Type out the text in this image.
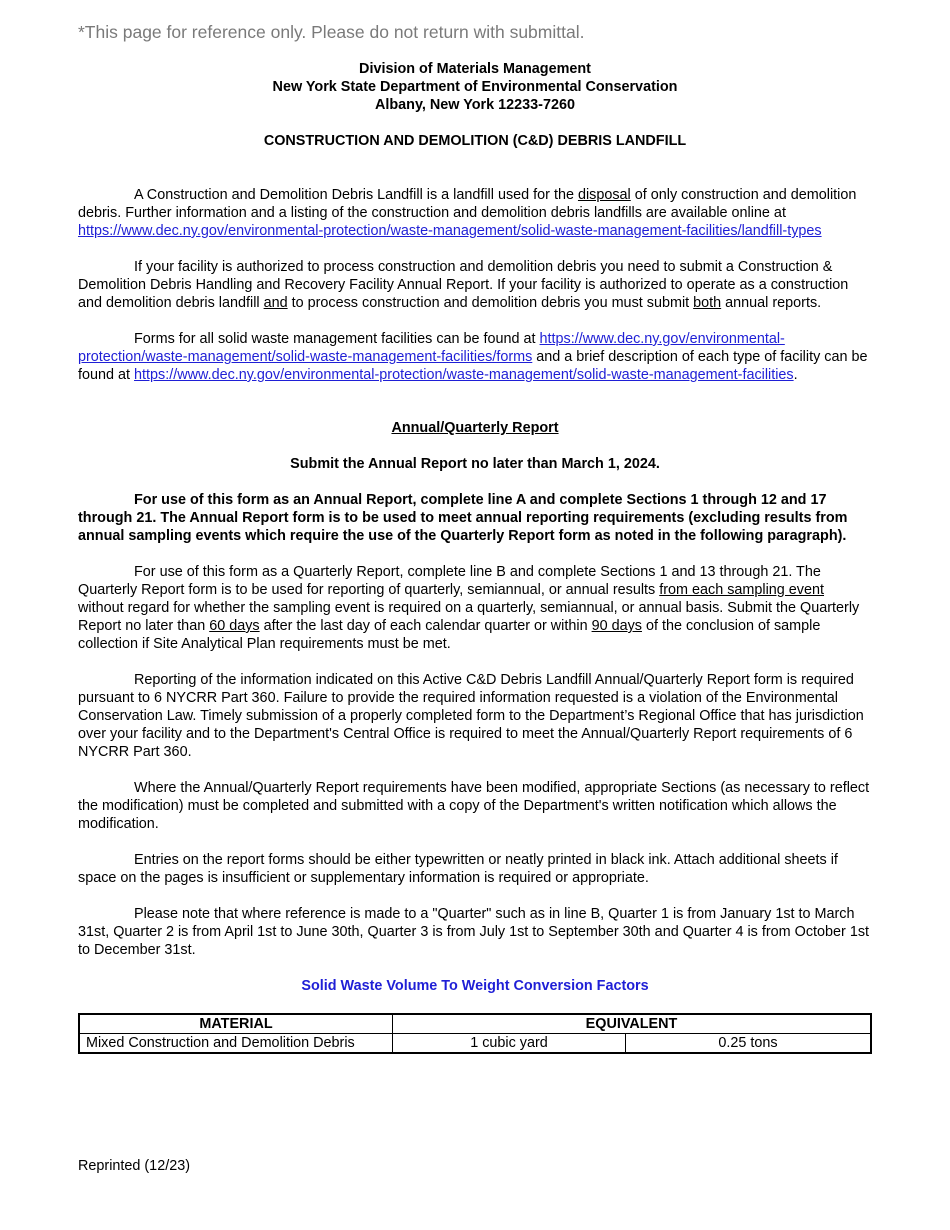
*This page for reference only. Please do not return with submittal.

Division of Materials Management

New York State Department of Environmental Conservation

Albany, New York 12233-7260

CONSTRUCTION AND DEMOLITION (C&D) DEBRIS LANDFILL

A Construction and Demolition Debris Landfill is a landfill used for the disposal of only construction and demolition debris. Further information and a listing of the construction and demolition debris landfills are available online at https://www.dec.ny.gov/environmental-protection/waste-management/solid-waste-management-facilities/landfill-types

If your facility is authorized to process construction and demolition debris you need to submit a Construction & Demolition Debris Handling and Recovery Facility Annual Report. If your facility is authorized to operate as a construction and demolition debris landfill and to process construction and demolition debris you must submit both annual reports.

Forms for all solid waste management facilities can be found at https://www.dec.ny.gov/environmental-protection/waste-management/solid-waste-management-facilities/forms and a brief description of each type of facility can be found at https://www.dec.ny.gov/environmental-protection/waste-management/solid-waste-management-facilities.

Annual/Quarterly Report

Submit the Annual Report no later than March 1, 2024.

For use of this form as an Annual Report, complete line A and complete Sections 1 through 12 and 17 through 21. The Annual Report form is to be used to meet annual reporting requirements (excluding results from annual sampling events which require the use of the Quarterly Report form as noted in the following paragraph).

For use of this form as a Quarterly Report, complete line B and complete Sections 1 and 13 through 21. The Quarterly Report form is to be used for reporting of quarterly, semiannual, or annual results from each sampling event without regard for whether the sampling event is required on a quarterly, semiannual, or annual basis. Submit the Quarterly Report no later than 60 days after the last day of each calendar quarter or within 90 days of the conclusion of sample collection if Site Analytical Plan requirements must be met.

Reporting of the information indicated on this Active C&D Debris Landfill Annual/Quarterly Report form is required pursuant to 6 NYCRR Part 360. Failure to provide the required information requested is a violation of the Environmental Conservation Law. Timely submission of a properly completed form to the Department’s Regional Office that has jurisdiction over your facility and to the Department's Central Office is required to meet the Annual/Quarterly Report requirements of 6 NYCRR Part 360.

Where the Annual/Quarterly Report requirements have been modified, appropriate Sections (as necessary to reflect the modification) must be completed and submitted with a copy of the Department's written notification which allows the modification.

Entries on the report forms should be either typewritten or neatly printed in black ink. Attach additional sheets if space on the pages is insufficient or supplementary information is required or appropriate.

Please note that where reference is made to a "Quarter" such as in line B, Quarter 1 is from January 1st to March 31st, Quarter 2 is from April 1st to June 30th, Quarter 3 is from July 1st to September 30th and Quarter 4 is from October 1st to December 31st.

Solid Waste Volume To Weight Conversion Factors

MATERIAL	EQUIVALENT	
Mixed Construction and Demolition Debris	1 cubic yard	0.25 tons

Reprinted (12/23)
